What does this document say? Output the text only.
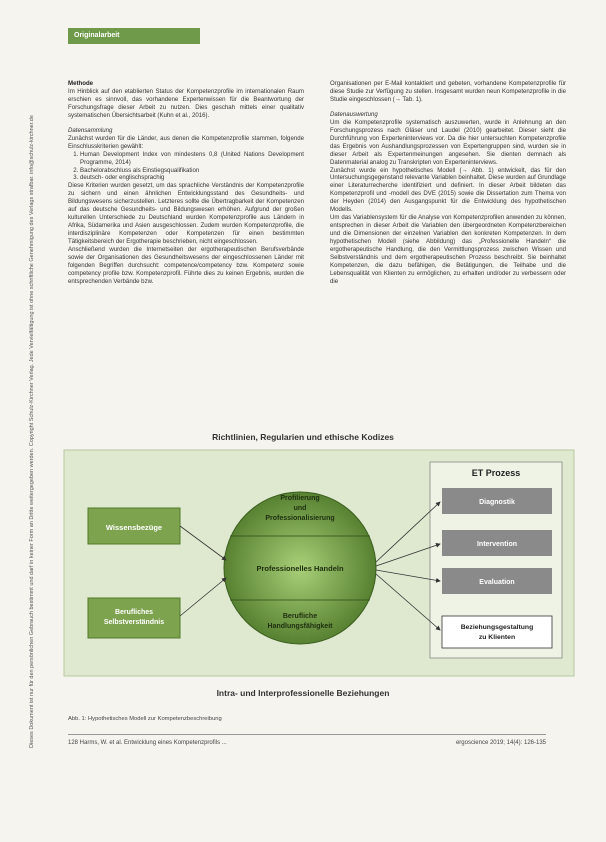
Originalarbeit
Dieses Dokument ist nur für den persönlichen Gebrauch bestimmt und darf in keiner Form an Dritte weitergegeben werden. Copyright Schulz-Kirchner Verlag. Jede Vervielfältigung ist ohne schriftliche Genehmigung des Verlags strafbar. info@schulz-kirchner.de
Methode

Im Hinblick auf den etablierten Status der Kompetenzprofile im internationalen Raum erschien es sinnvoll, das vorhandene Expertenwissen für die Beantwortung der Forschungsfrage dieser Arbeit zu nutzen. Dies geschah mittels einer qualitativ systematischen Übersichtsarbeit (Kuhn et al., 2016).

Datensammlung

Zunächst wurden für die Länder, aus denen die Kompetenzprofile stammen, folgende Einschlusskriterien gewählt:

1. Human Development Index von mindestens 0,8 (United Nations Development Programme, 2014)
2. Bachelorabschluss als Einstiegsqualifikation
3. deutsch- oder englischsprachig

Diese Kriterien wurden gesetzt, um das sprachliche Verständnis der Kompetenzprofile zu sichern und einen ähnlichen Entwicklungsstand des Gesundheits- und Bildungswesens sicherzustellen. Letzteres sollte die Übertragbarkeit der Kompetenzen auf das deutsche Gesundheits- und Bildungswesen erhöhen. Aufgrund der großen kulturellen Unterschiede zu Deutschland wurden Kompetenzprofile aus Ländern in Afrika, Südamerika und Asien ausgeschlossen. Zudem wurden Kompetenzprofile, die interdisziplinäre Kompetenzen oder Kompetenzen für einen bestimmten Tätigkeitsbereich der Ergotherapie beschrieben, nicht eingeschlossen.

Anschließend wurden die Internetseiten der ergotherapeutischen Berufsverbände sowie der Organisationen des Gesundheitswesens der eingeschlossenen Länder mit folgenden Begriffen durchsucht: competence/competency bzw. Kompetenz sowie competency profile bzw. Kompetenzprofil. Führte dies zu keinen Ergebnis, wurden die entsprechenden Verbände bzw.

Organisationen per E-Mail kontaktiert und gebeten, vorhandene Kompetenzprofile für diese Studie zur Verfügung zu stellen. Insgesamt wurden neun Kompetenzprofile in die Studie eingeschlossen (→ Tab. 1).

Datenauswertung

Um die Kompetenzprofile systematisch auszuwerten, wurde in Anlehnung an den Forschungsprozess nach Gläser und Laudel (2010) gearbeitet. Dieser sieht die Durchführung von Experteninterviews vor. Da die hier untersuchten Kompetenzprofile das Ergebnis von Aushandlungsprozessen von Expertengruppen sind, wurden sie in dieser Arbeit als Expertenmeinungen angesehen. Sie dienten demnach als Datenmaterial analog zu Transkripten von Experteninterviews.

Zunächst wurde ein hypothetisches Modell (→ Abb. 1) entwickelt, das für den Untersuchungsgegenstand relevante Variablen beinhaltet. Diese wurden auf Grundlage einer Literaturrecherche identifiziert und definiert. In dieser Arbeit bildeten das Kompetenzprofil und -modell des DVE (2015) sowie die Dissertation zum Thema von der Heyden (2014) den Ausgangspunkt für die Entwicklung des hypothetischen Modells.

Um das Variablensystem für die Analyse von Kompetenzprofilen anwenden zu können, entsprechen in dieser Arbeit die Variablen den übergeordneten Kompetenzbereichen und die Dimensionen der einzelnen Variablen den konkreten Kompetenzen. In dem hypothetischen Modell (siehe Abbildung) das „Professionelle Handeln“ die ergotherapeutische Handlung, die den Vermittlungsprozess zwischen Wissen und Selbstverständnis und dem ergotherapeutischen Prozess beschreibt. Sie beinhaltet Kompetenzen, die dazu befähigen, die Betätigungen, die Teilhabe und die Lebensqualität von Klienten zu ermöglichen, zu erhalten und/oder zu verbessern oder die

Richtlinien, Regularien und ethische Kodizes
Wissensbezüge
Berufliches
Selbstverständnis
Profilierung
und
Professionalisierung
Professionelles Handeln
Berufliche
Handlungsfähigkeit
ET Prozess
Diagnostik
Intervention
Evaluation
Beziehungsgestaltung
zu Klienten
Intra- und Interprofessionelle Beziehungen
Abb. 1: Hypothetisches Modell zur Kompetenzbeschreibung
128 Harms, W. et al. Entwicklung eines Kompetenzprofils ...	ergoscience 2019; 14(4): 126-135
